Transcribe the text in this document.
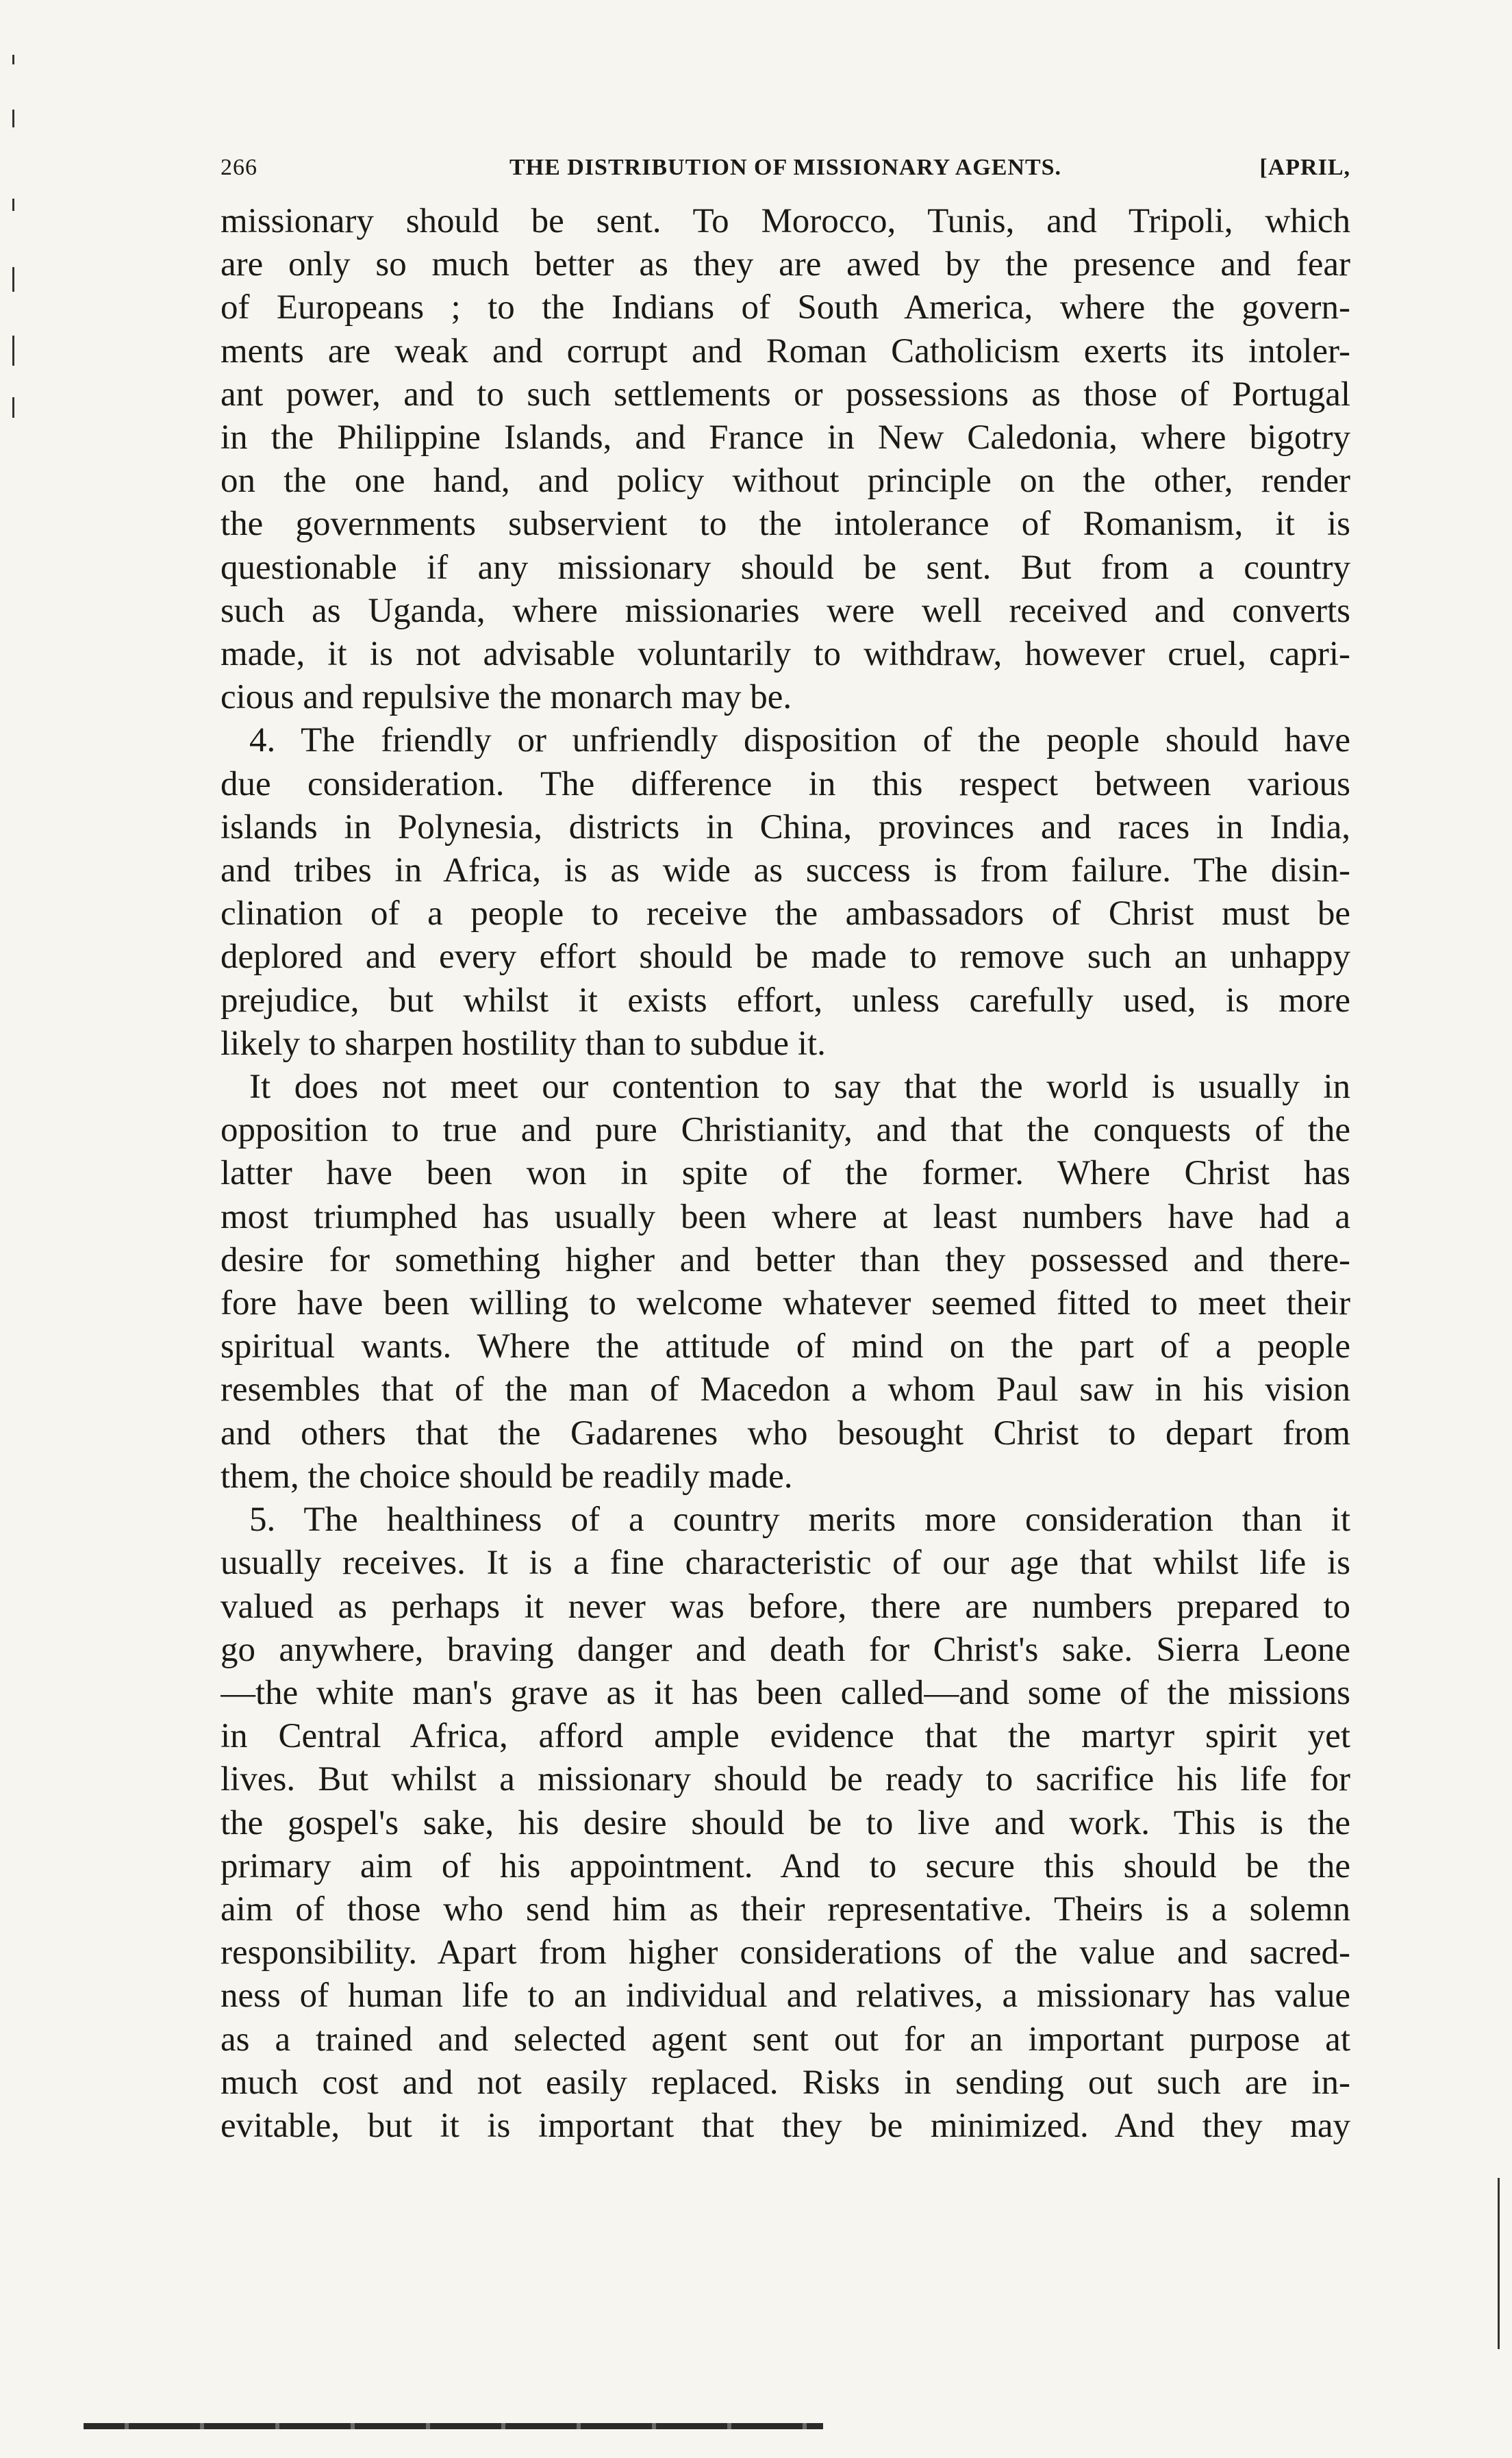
266	THE DISTRIBUTION OF MISSIONARY AGENTS.	[APRIL,
missionary should be sent. To Morocco, Tunis, and Tripoli, which
are only so much better as they are awed by the presence and fear
of Europeans ; to the Indians of South America, where the govern-
ments are weak and corrupt and Roman Catholicism exerts its intoler-
ant power, and to such settlements or possessions as those of Portugal
in the Philippine Islands, and France in New Caledonia, where bigotry
on the one hand, and policy without principle on the other, render
the governments subservient to the intolerance of Romanism, it is
questionable if any missionary should be sent. But from a country
such as Uganda, where missionaries were well received and converts
made, it is not advisable voluntarily to withdraw, however cruel, capri-
cious and repulsive the monarch may be.
4. The friendly or unfriendly disposition of the people should have
due consideration. The difference in this respect between various
islands in Polynesia, districts in China, provinces and races in India,
and tribes in Africa, is as wide as success is from failure. The disin-
clination of a people to receive the ambassadors of Christ must be
deplored and every effort should be made to remove such an unhappy
prejudice, but whilst it exists effort, unless carefully used, is more
likely to sharpen hostility than to subdue it.
It does not meet our contention to say that the world is usually in
opposition to true and pure Christianity, and that the conquests of the
latter have been won in spite of the former. Where Christ has
most triumphed has usually been where at least numbers have had a
desire for something higher and better than they possessed and there-
fore have been willing to welcome whatever seemed fitted to meet their
spiritual wants. Where the attitude of mind on the part of a people
resembles that of the man of Macedon a whom Paul saw in his vision
and others that the Gadarenes who besought Christ to depart from
them, the choice should be readily made.
5. The healthiness of a country merits more consideration than it
usually receives. It is a fine characteristic of our age that whilst life is
valued as perhaps it never was before, there are numbers prepared to
go anywhere, braving danger and death for Christ's sake. Sierra Leone
—the white man's grave as it has been called—and some of the missions
in Central Africa, afford ample evidence that the martyr spirit yet
lives. But whilst a missionary should be ready to sacrifice his life for
the gospel's sake, his desire should be to live and work. This is the
primary aim of his appointment. And to secure this should be the
aim of those who send him as their representative. Theirs is a solemn
responsibility. Apart from higher considerations of the value and sacred-
ness of human life to an individual and relatives, a missionary has value
as a trained and selected agent sent out for an important purpose at
much cost and not easily replaced. Risks in sending out such are in-
evitable, but it is important that they be minimized. And they may
